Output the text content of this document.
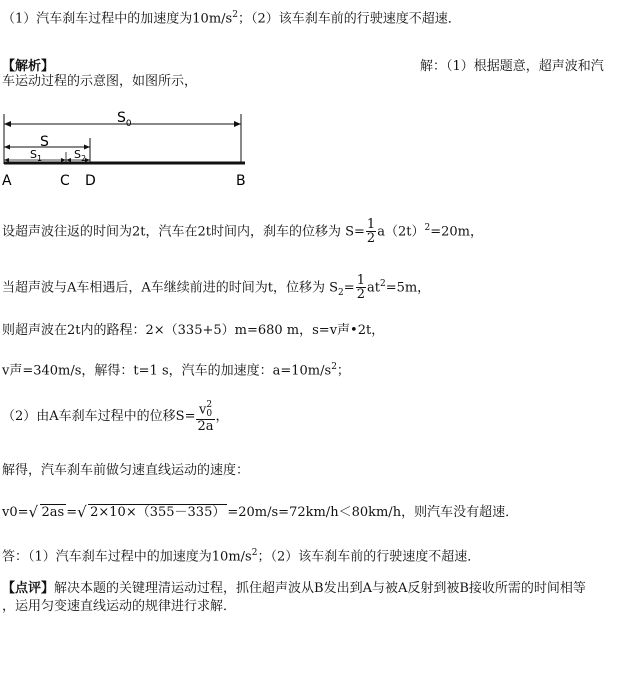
（1）汽车刹车过程中的加速度为$10m/s^2$；（2）该车刹车前的行驶速度不超速．
【解析】	解：（1）根据题意，超声波和汽
车运动过程的示意图，如图所示，
$S_0$
S
$S_1$	$S_2$
A	C D	B
设超声波往返的时间为2t，汽车在2t时间内，刹车的位移为 $S= \frac{1}{2} a(2t)^2=20m$，
当超声波与A车相遇后，A车继续前进的时间为t，位移为 $S_2= \frac{1}{2} at^2=5m$，
则超声波在2t内的路程：2×（335+5）m=680 m，s=v声•2t，
v声=340m/s，解得：t=1 s，汽车的加速度：$a=10m/s^2$；
（2）由A车刹车过程中的位移S= v 2
0
2a ，
解得，汽车刹车前做匀速直线运动的速度：
v0= √ 2as = √ 2×10×（355－335） =20m/s=72km/h＜80km/h，则汽车没有超速．
答：（1）汽车刹车过程中的加速度为$10m/s^2$；（2）该车刹车前的行驶速度不超速．
【点评】解决本题的关键理清运动过程，抓住超声波从B发出到A与被A反射到被B接收所需的时间相等
，运用匀变速直线运动的规律进行求解．
